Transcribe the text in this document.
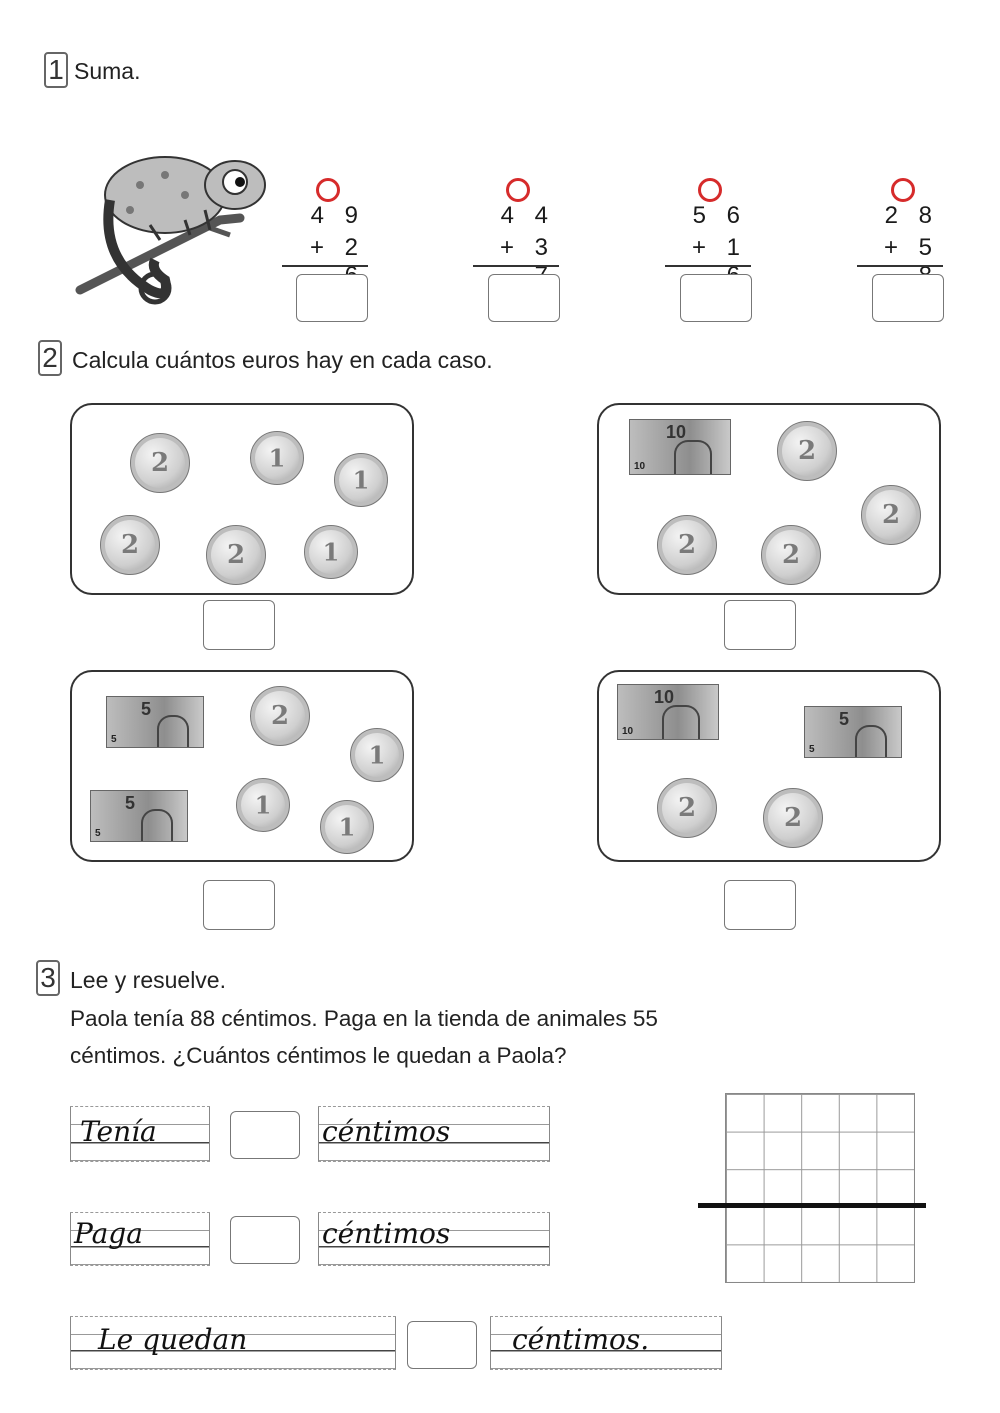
1 Suma.
4 9
+ 2
4 4
+ 3
5 6
+ 1
2 8
+ 5
2 Calcula cuántos euros hay en cada caso.
2	1
1
2	2	1
10
10
2
2
2	2
5
5
2
1
5
5
1
1
10
10
5
5
2	2
3 Lee y resuelve.
Paola tenía 88 céntimos. Paga en la tienda de animales 55
céntimos. ¿Cuántos céntimos le quedan a Paola?
Tenía	céntimos
Paga	céntimos
Le quedan	céntimos.
